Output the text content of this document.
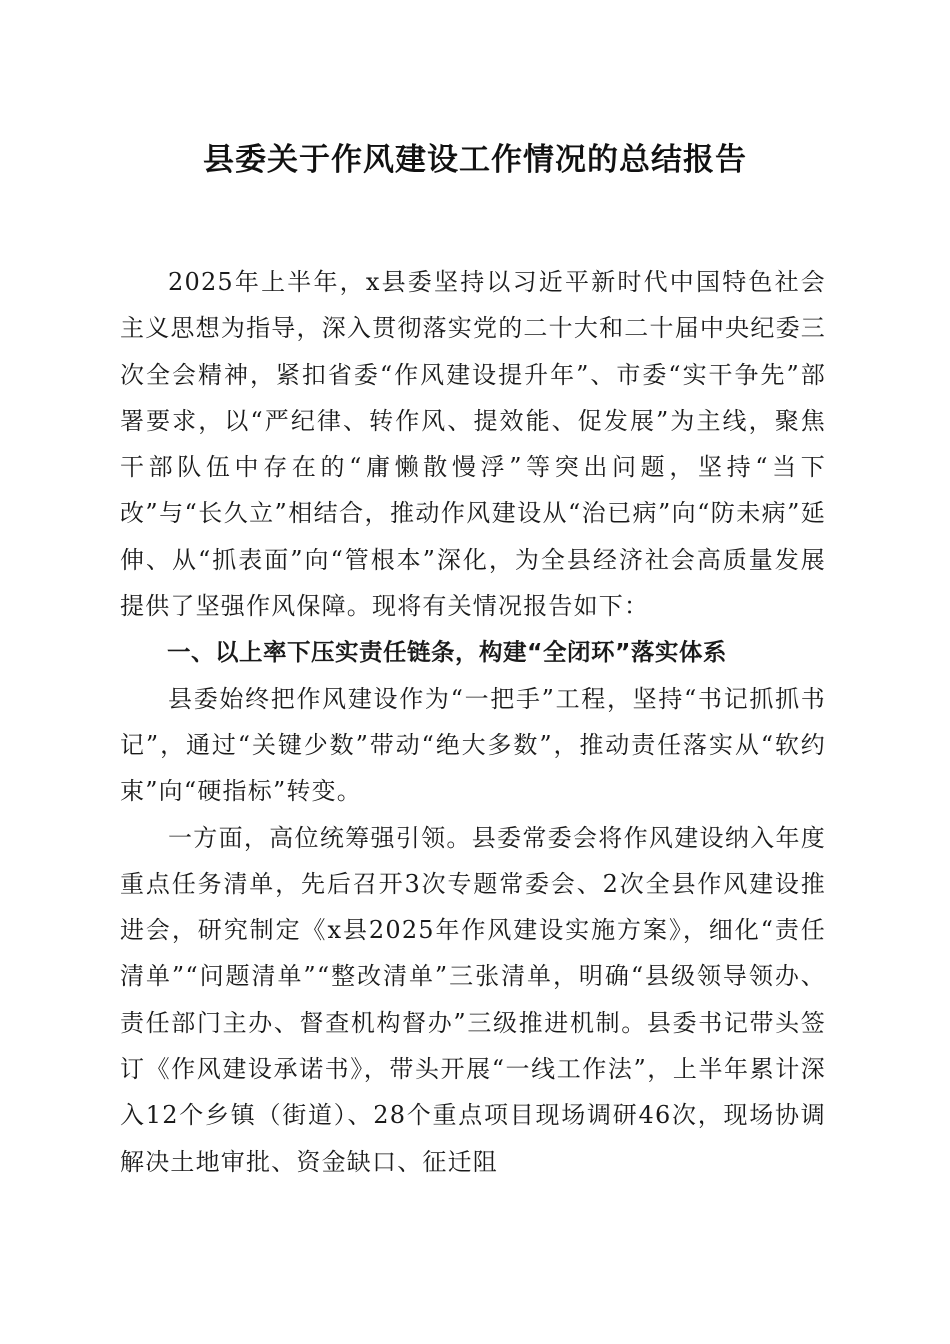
县委关于作风建设工作情况的总结报告

2025年上半年，x县委坚持以习近平新时代中国特色社会主义思想为指导，深入贯彻落实党的二十大和二十届中央纪委三次全会精神，紧扣省委“作风建设提升年”、市委“实干争先”部署要求，以“严纪律、转作风、提效能、促发展”为主线，聚焦干部队伍中存在的“庸懒散慢浮”等突出问题，坚持“当下改”与“长久立”相结合，推动作风建设从“治已病”向“防未病”延伸、从“抓表面”向“管根本”深化，为全县经济社会高质量发展提供了坚强作风保障。现将有关情况报告如下：

一、以上率下压实责任链条，构建“全闭环”落实体系

县委始终把作风建设作为“一把手”工程，坚持“书记抓抓书记”，通过“关键少数”带动“绝大多数”，推动责任落实从“软约束”向“硬指标”转变。

一方面，高位统筹强引领。县委常委会将作风建设纳入年度重点任务清单，先后召开3次专题常委会、2次全县作风建设推进会，研究制定《x县2025年作风建设实施方案》，细化“责任清单”“问题清单”“整改清单”三张清单，明确“县级领导领办、责任部门主办、督查机构督办”三级推进机制。县委书记带头签订《作风建设承诺书》，带头开展“一线工作法”，上半年累计深入12个乡镇（街道）、28个重点项目现场调研46次，现场协调解决土地审批、资金缺口、征迁阻
